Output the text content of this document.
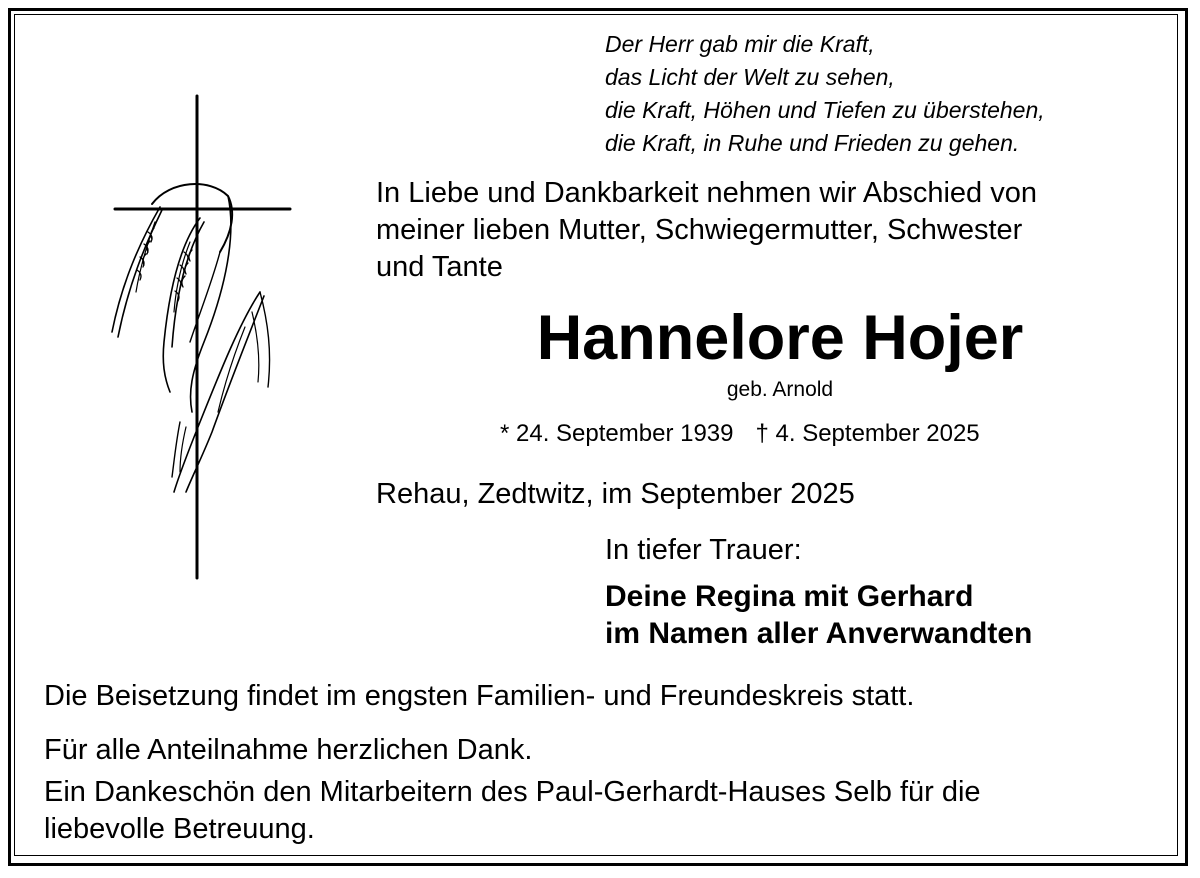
Der Herr gab mir die Kraft,
das Licht der Welt zu sehen,
die Kraft, Höhen und Tiefen zu überstehen,
die Kraft, in Ruhe und Frieden zu gehen.
In Liebe und Dankbarkeit nehmen wir Abschied von
meiner lieben Mutter, Schwiegermutter, Schwester
und Tante
Hannelore Hojer
geb. Arnold
* 24. September 1939 † 4. September 2025
Rehau, Zedtwitz, im September 2025
In tiefer Trauer:
Deine Regina mit Gerhard
im Namen aller Anverwandten
Die Beisetzung findet im engsten Familien- und Freundeskreis statt.
Für alle Anteilnahme herzlichen Dank.
Ein Dankeschön den Mitarbeitern des Paul-Gerhardt-Hauses Selb für die
liebevolle Betreuung.
